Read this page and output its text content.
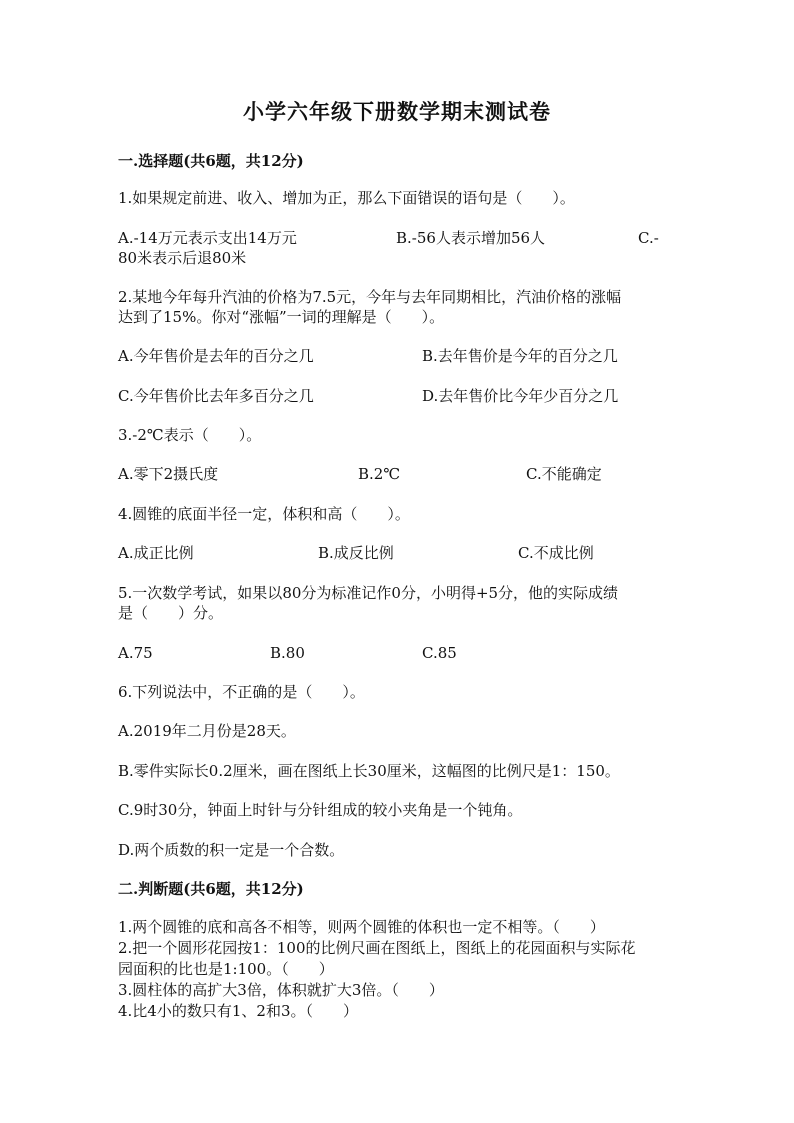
小学六年级下册数学期末测试卷
一.选择题(共6题，共12分)
1.如果规定前进、收入、增加为正，那么下面错误的语句是（　　）。
A.-14万元表示支出14万元	B.-56人表示增加56人	C.-
80米表示后退80米
2.某地今年每升汽油的价格为7.5元，今年与去年同期相比，汽油价格的涨幅
达到了15%。你对“涨幅”一词的理解是（　　）。
A.今年售价是去年的百分之几	B.去年售价是今年的百分之几
C.今年售价比去年多百分之几	D.去年售价比今年少百分之几
3.-2℃表示（　　）。
A.零下2摄氏度	B.2℃	C.不能确定
4.圆锥的底面半径一定，体积和高（　　）。
A.成正比例	B.成反比例	C.不成比例
5.一次数学考试，如果以80分为标准记作0分，小明得+5分，他的实际成绩
是（　　）分。
A.75	B.80	C.85
6.下列说法中，不正确的是（　　）。
A.2019年二月份是28天。
B.零件实际长0.2厘米，画在图纸上长30厘米，这幅图的比例尺是1：150。
C.9时30分，钟面上时针与分针组成的较小夹角是一个钝角。
D.两个质数的积一定是一个合数。
二.判断题(共6题，共12分)
1.两个圆锥的底和高各不相等，则两个圆锥的体积也一定不相等。（　　）
2.把一个圆形花园按1：100的比例尺画在图纸上，图纸上的花园面积与实际花
园面积的比也是1:100。（　　）
3.圆柱体的高扩大3倍，体积就扩大3倍。（　　）
4.比4小的数只有1、2和3。（　　）
